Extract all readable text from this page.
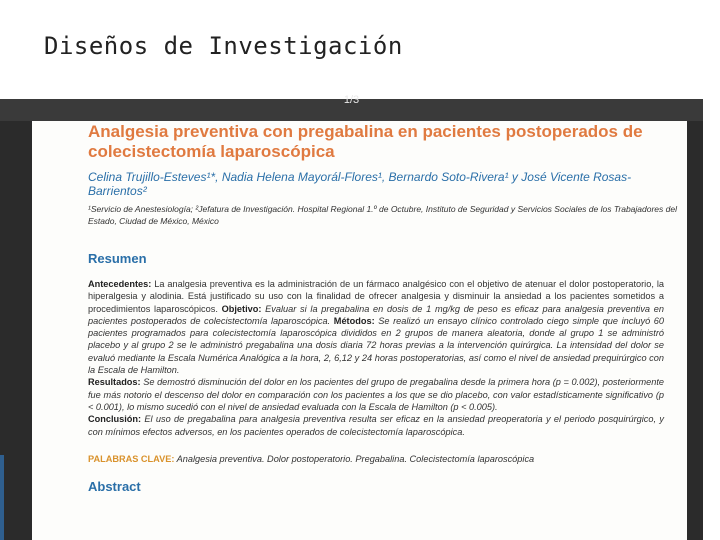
Diseños de Investigación
1/3
Analgesia preventiva con pregabalina en pacientes postoperados de colecistectomía laparoscópica
Celina Trujillo-Esteves¹*, Nadia Helena Mayorál-Flores¹, Bernardo Soto-Rivera¹ y José Vicente Rosas-Barrientos²
¹Servicio de Anestesiología; ²Jefatura de Investigación. Hospital Regional 1.º de Octubre, Instituto de Seguridad y Servicios Sociales de los Trabajadores del Estado, Ciudad de México, México
Resumen
Antecedentes: La analgesia preventiva es la administración de un fármaco analgésico con el objetivo de atenuar el dolor postoperatorio, la hiperalgesia y alodinia. Está justificado su uso con la finalidad de ofrecer analgesia y disminuir la ansiedad a los pacientes sometidos a procedimientos laparoscópicos. Objetivo: Evaluar si la pregabalina en dosis de 1 mg/kg de peso es eficaz para analgesia preventiva en pacientes postoperados de colecistectomía laparoscópica. Métodos: Se realizó un ensayo clínico controlado ciego simple que incluyó 60 pacientes programados para colecistectomía laparoscópica divididos en 2 grupos de manera aleatoria, donde al grupo 1 se administró placebo y al grupo 2 se le administró pregabalina una dosis diaria 72 horas previas a la intervención quirúrgica. La intensidad del dolor se evaluó mediante la Escala Numérica Analógica a la hora, 2, 6,12 y 24 horas postoperatorias, así como el nivel de ansiedad prequirúrgico con la Escala de Hamilton.
Resultados: Se demostró disminución del dolor en los pacientes del grupo de pregabalina desde la primera hora (p = 0.002), posteriormente fue más notorio el descenso del dolor en comparación con los pacientes a los que se dio placebo, con valor estadísticamente significativo (p < 0.001), lo mismo sucedió con el nivel de ansiedad evaluada con la Escala de Hamilton (p < 0.005).
Conclusión: El uso de pregabalina para analgesia preventiva resulta ser eficaz en la ansiedad preoperatoria y el periodo posquirúrgico, y con mínimos efectos adversos, en los pacientes operados de colecistectomía laparoscópica.
PALABRAS CLAVE: Analgesia preventiva. Dolor postoperatorio. Pregabalina. Colecistectomía laparoscópica
Abstract
